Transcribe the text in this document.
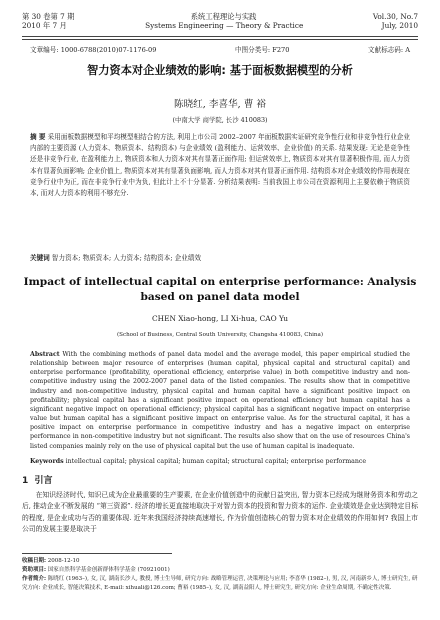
第 30 卷第 7 期	系统工程理论与实践	Vol.30, No.7
2010 年 7 月	Systems Engineering — Theory & Practice	July, 2010
文章编号: 1000-6788(2010)07-1176-09	中图分类号: F270	文献标志码: A
智力资本对企业绩效的影响: 基于面板数据模型的分析
陈晓红, 李喜华, 曹 裕
(中南大学 商学院, 长沙 410083)
摘 要 采用面板数据模型和平均模型相结合的方法, 利用上市公司 2002–2007 年面板数据实证研究竞争性行业和非竞争性行业企业内部的主要资源 (人力资本、物质资本、结构资本) 与企业绩效 (盈利能力、运营效率、企业价值) 的关系. 结果发现: 无论是竞争性还是非竞争行业, 在盈利能力上, 物质资本和人力资本对其有显著正面作用; 但运营效率上, 物质资本对其有显著积极作用, 而人力资本有显著负面影响; 企业价值上, 物质资本对其有显著负面影响, 而人力资本对其有显著正面作用. 结构资本对企业绩效的作用表现在竞争行业中为正, 而在非竞争行业中为负, 但此计上不十分显著. 分析结果表明: 当前我国上市公司在资源利用上主要依赖于物质资本, 而对人力资本的利用不够充分.
关键词 智力资本; 物质资本; 人力资本; 结构资本; 企业绩效
Impact of intellectual capital on enterprise performance: Analysis based on panel data model
CHEN Xiao-hong, LI Xi-hua, CAO Yu
(School of Business, Central South University, Changsha 410083, China)
Abstract With the combining methods of panel data model and the average model, this paper empirical studied the relationship between major resource of enterprises (human capital, physical capital and structural capital) and enterprise performance (profitability, operational efficiency, enterprise value) in both competitive industry and non-competitive industry using the 2002-2007 panel data of the listed companies. The results show that in competitive industry and non-competitive industry, physical capital and human capital have a significant positive impact on profitability; physical capital has a significant positive impact on operational efficiency but human capital has a significant negative impact on operational efficiency; physical capital has a significant negative impact on enterprise value but human capital has a significant positive impact on enterprise value. As for the structural capital, it has a positive impact on enterprise performance in competitive industry and has a negative impact on enterprise performance in non-competitive industry but not significant. The results also show that on the use of resources China's listed companies mainly rely on the use of physical capital but the use of human capital is inadequate.
Keywords intellectual capital; physical capital; human capital; structural capital; enterprise performance
1 引言
在知识经济时代, 知识已成为企业最重要的生产要素, 在企业价值创造中的贡献日益突出, 智力资本已经成为继财务资本和劳动之后, 推动企业不断发展的 “第三资源”. 经济的增长更直接地取决于对智力资本的投资和智力资本的运作. 企业绩效是企业达到特定目标的程度, 是企业成功与否的重要体现. 近年来我国经济持续高速增长, 作为价值创造核心的智力资本对企业绩效的作用如何? 我国上市公司的发展主要是取决于
收稿日期: 2008-12-10
资助项目: 国家自然科学基金创新群体科学基金 (70921001)
作者简介: 陈晓红 (1963–), 女, 汉, 湖南长沙人, 教授, 博士生导师, 研究方向: 战略管理运营, 决策理论与应用; 李喜华 (1982–), 男, 汉, 河南新乡人, 博士研究生, 研究方向: 企业成长, 智能决策技术, E-mail: xihuali@126.com; 曹裕 (1985–), 女, 汉, 湖南益阳人, 博士研究生, 研究方向: 企业生命周期, 不确定性决策.
